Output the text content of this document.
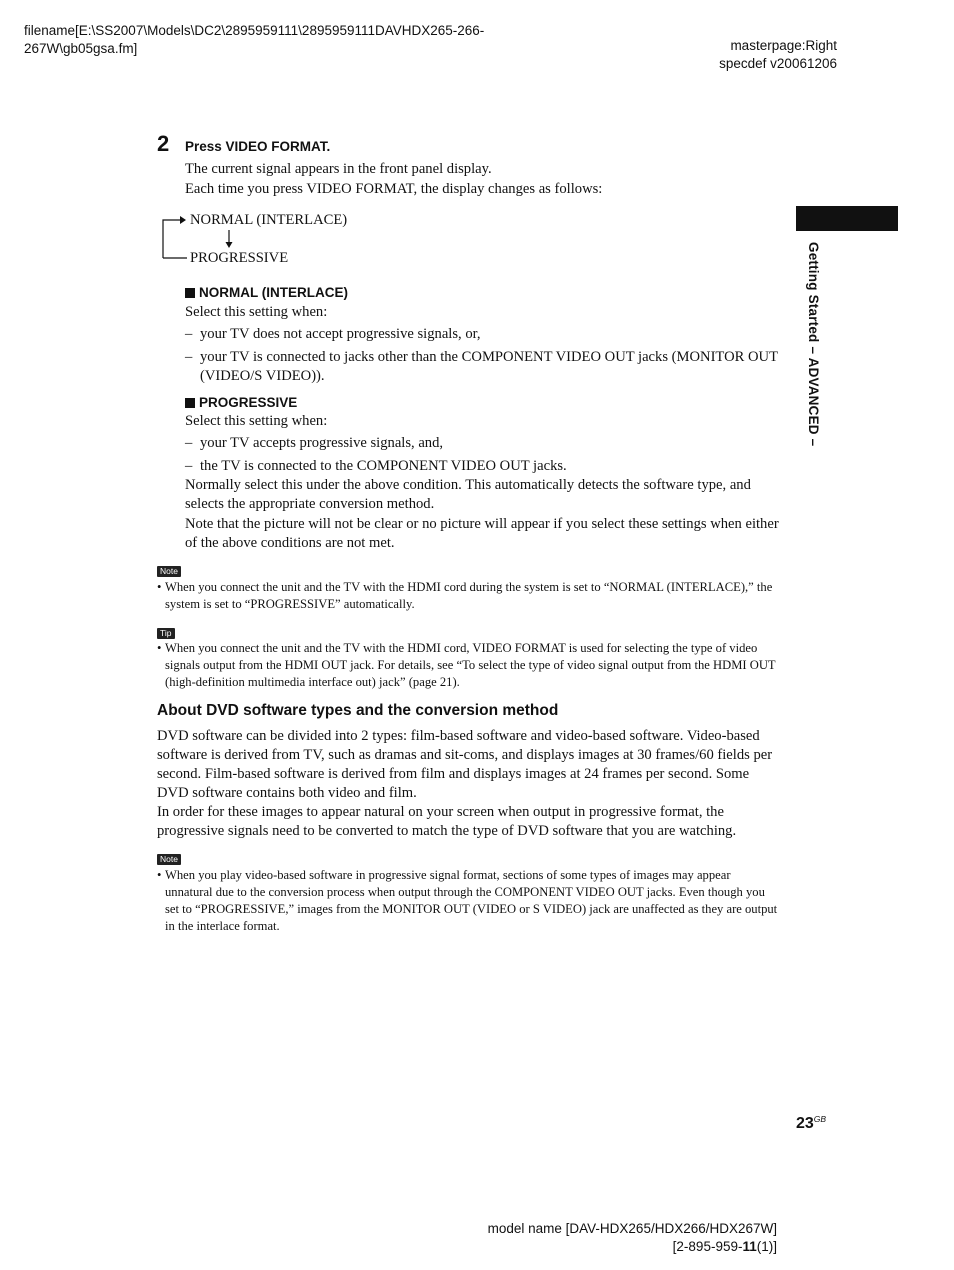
filename[E:\SS2007\Models\DC2\2895959111\2895959111DAVHDX265-266-
267W\gb05gsa.fm]	masterpage:Right
specdef v20061206
2 Press VIDEO FORMAT.
The current signal appears in the front panel display.
Each time you press VIDEO FORMAT, the display changes as follows:
NORMAL (INTERLACE)
PROGRESSIVE
NORMAL (INTERLACE)
Select this setting when:
– your TV does not accept progressive signals, or,
– your TV is connected to jacks other than the COMPONENT VIDEO OUT jacks (MONITOR OUT (VIDEO/S VIDEO)).
PROGRESSIVE
Select this setting when:
– your TV accepts progressive signals, and,
– the TV is connected to the COMPONENT VIDEO OUT jacks.
Normally select this under the above condition. This automatically detects the software type, and selects the appropriate conversion method.
Note that the picture will not be clear or no picture will appear if you select these settings when either of the above conditions are not met.
Note
• When you connect the unit and the TV with the HDMI cord during the system is set to “NORMAL (INTERLACE),” the system is set to “PROGRESSIVE” automatically.
Tip
• When you connect the unit and the TV with the HDMI cord, VIDEO FORMAT is used for selecting the type of video signals output from the HDMI OUT jack. For details, see “To select the type of video signal output from the HDMI OUT (high-definition multimedia interface out) jack” (page 21).
About DVD software types and the conversion method
DVD software can be divided into 2 types: film-based software and video-based software. Video-based software is derived from TV, such as dramas and sit-coms, and displays images at 30 frames/60 fields per second. Film-based software is derived from film and displays images at 24 frames per second. Some DVD software contains both video and film.
In order for these images to appear natural on your screen when output in progressive format, the progressive signals need to be converted to match the type of DVD software that you are watching.
Note
• When you play video-based software in progressive signal format, sections of some types of images may appear unnatural due to the conversion process when output through the COMPONENT VIDEO OUT jacks. Even though you set to “PROGRESSIVE,” images from the MONITOR OUT (VIDEO or S VIDEO) jack are unaffected as they are output in the interlace format.
Getting Started – ADVANCED –
$23^{GB}$
model name [DAV-HDX265/HDX266/HDX267W]
[2-895-959-11(1)]
